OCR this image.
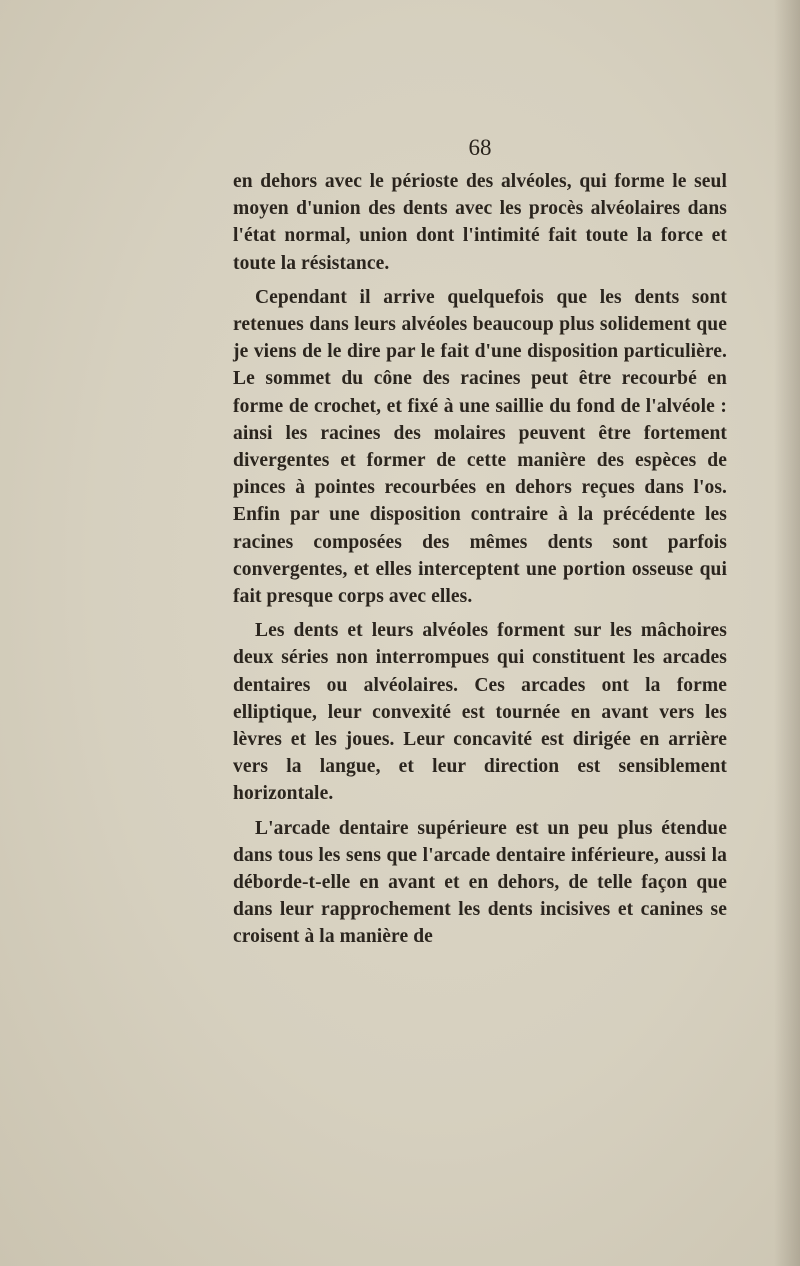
68

en dehors avec le périoste des alvéoles, qui forme le seul moyen d'union des dents avec les procès alvéolaires dans l'état normal, union dont l'intimité fait toute la force et toute la résistance.

Cependant il arrive quelquefois que les dents sont retenues dans leurs alvéoles beaucoup plus solidement que je viens de le dire par le fait d'une disposition particulière. Le sommet du cône des racines peut être recourbé en forme de crochet, et fixé à une saillie du fond de l'alvéole : ainsi les racines des molaires peuvent être fortement divergentes et former de cette manière des espèces de pinces à pointes recourbées en dehors reçues dans l'os. Enfin par une disposition contraire à la précédente les racines composées des mêmes dents sont parfois convergentes, et elles interceptent une portion osseuse qui fait presque corps avec elles.

Les dents et leurs alvéoles forment sur les mâchoires deux séries non interrompues qui constituent les arcades dentaires ou alvéolaires. Ces arcades ont la forme elliptique, leur convexité est tournée en avant vers les lèvres et les joues. Leur concavité est dirigée en arrière vers la langue, et leur direction est sensiblement horizontale.

L'arcade dentaire supérieure est un peu plus étendue dans tous les sens que l'arcade dentaire inférieure, aussi la déborde-t-elle en avant et en dehors, de telle façon que dans leur rapprochement les dents incisives et canines se croisent à la manière de
